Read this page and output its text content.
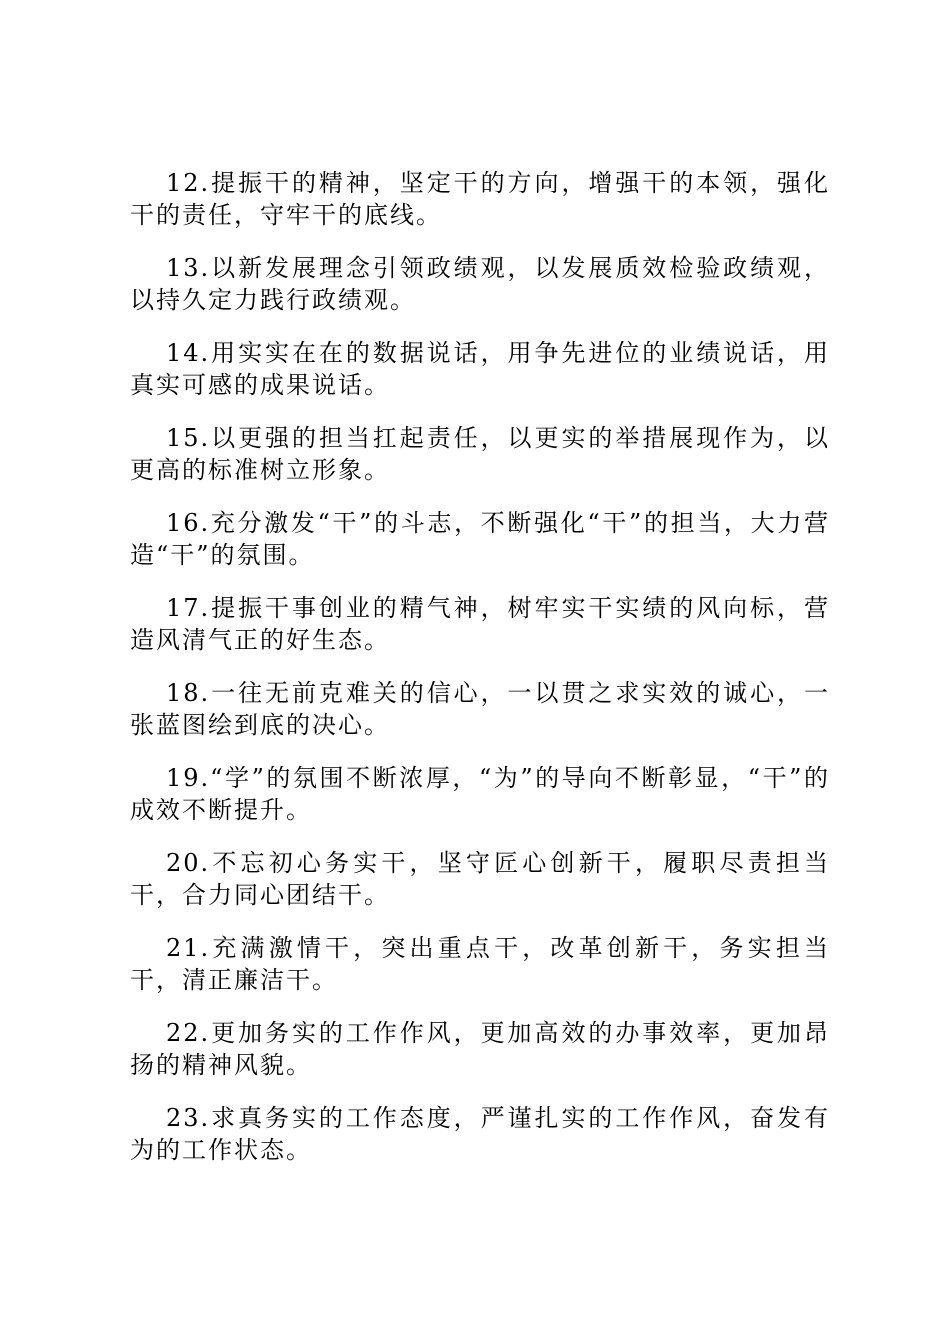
12.提振干的精神，坚定干的方向，增强干的本领，强化干的责任，守牢干的底线。

13.以新发展理念引领政绩观，以发展质效检验政绩观，以持久定力践行政绩观。

14.用实实在在的数据说话，用争先进位的业绩说话，用真实可感的成果说话。

15.以更强的担当扛起责任，以更实的举措展现作为，以更高的标准树立形象。

16.充分激发“干”的斗志，不断强化“干”的担当，大力营造“干”的氛围。

17.提振干事创业的精气神，树牢实干实绩的风向标，营造风清气正的好生态。

18.一往无前克难关的信心，一以贯之求实效的诚心，一张蓝图绘到底的决心。

19.“学”的氛围不断浓厚，“为”的导向不断彰显，“干”的成效不断提升。

20.不忘初心务实干，坚守匠心创新干，履职尽责担当干，合力同心团结干。

21.充满激情干，突出重点干，改革创新干，务实担当干，清正廉洁干。

22.更加务实的工作作风，更加高效的办事效率，更加昂扬的精神风貌。

23.求真务实的工作态度，严谨扎实的工作作风，奋发有为的工作状态。
